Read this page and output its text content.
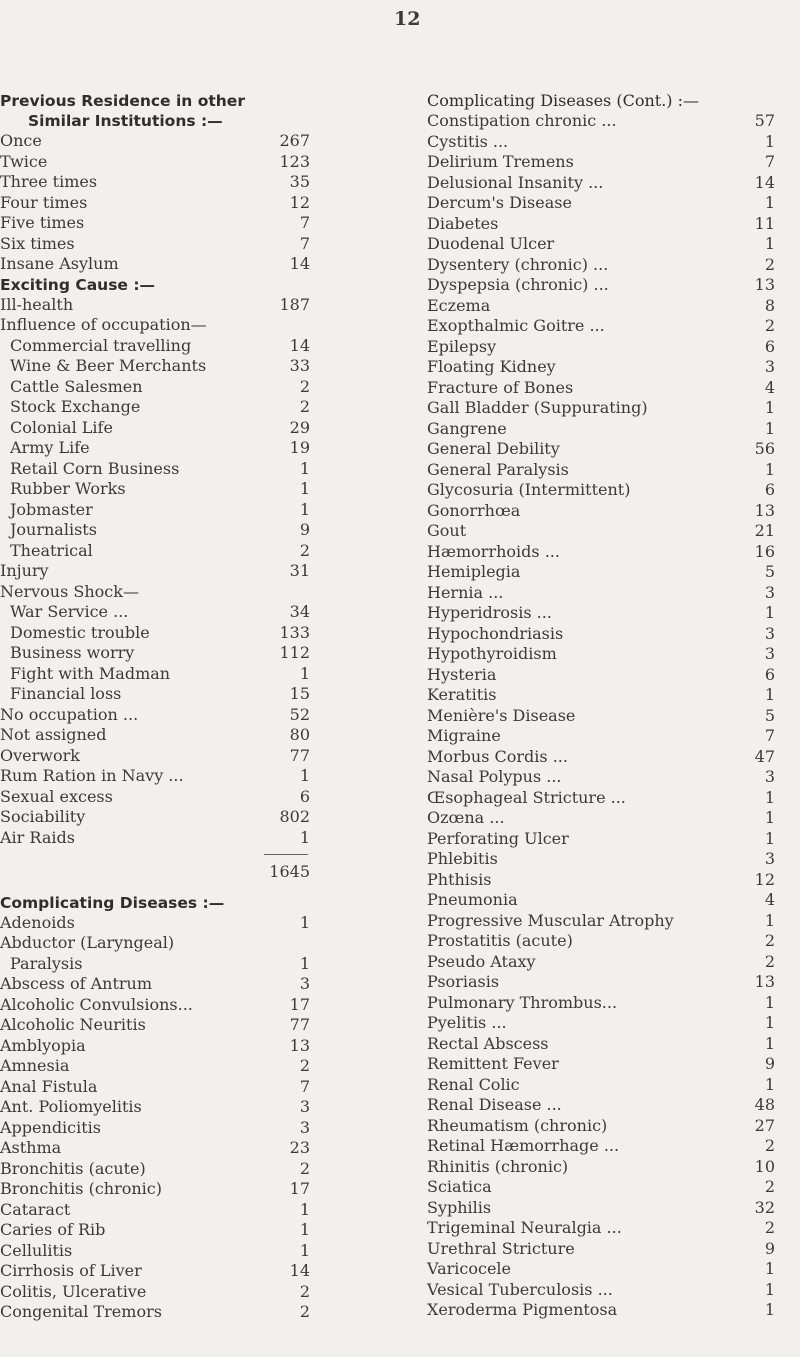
12
Previous Residence in other
Similar Institutions :—
Once	267
Twice	123
Three times	35
Four times	12
Five times	7
Six times	7
Insane Asylum	14
Exciting Cause :—
Ill-health	187
Influence of occupation—
Commercial travelling	14
Wine & Beer Merchants	33
Cattle Salesmen	2
Stock Exchange	2
Colonial Life	29
Army Life	19
Retail Corn Business	1
Rubber Works	1
Jobmaster	1
Journalists	9
Theatrical	2
Injury	31
Nervous Shock—
War Service ...	34
Domestic trouble	133
Business worry	112
Fight with Madman	1
Financial loss	15
No occupation ...	52
Not assigned	80
Overwork	77
Rum Ration in Navy ...	1
Sexual excess	6
Sociability	802
Air Raids	1
1645
Complicating Diseases :—
Adenoids	1
Abductor (Laryngeal)
Paralysis	1
Abscess of Antrum	3
Alcoholic Convulsions...	17
Alcoholic Neuritis	77
Amblyopia	13
Amnesia	2
Anal Fistula	7
Ant. Poliomyelitis	3
Appendicitis	3
Asthma	23
Bronchitis (acute)	2
Bronchitis (chronic)	17
Cataract	1
Caries of Rib	1
Cellulitis	1
Cirrhosis of Liver	14
Colitis, Ulcerative	2
Congenital Tremors	2
Complicating Diseases (Cont.) :—
Constipation chronic ...	57
Cystitis ...	1
Delirium Tremens	7
Delusional Insanity ...	14
Dercum's Disease	1
Diabetes	11
Duodenal Ulcer	1
Dysentery (chronic) ...	2
Dyspepsia (chronic) ...	13
Eczema	8
Exopthalmic Goitre ...	2
Epilepsy	6
Floating Kidney	3
Fracture of Bones	4
Gall Bladder (Suppurating)	1
Gangrene	1
General Debility	56
General Paralysis	1
Glycosuria (Intermittent)	6
Gonorrhœa	13
Gout	21
Hæmorrhoids ...	16
Hemiplegia	5
Hernia ...	3
Hyperidrosis ...	1
Hypochondriasis	3
Hypothyroidism	3
Hysteria	6
Keratitis	1
Menière's Disease	5
Migraine	7
Morbus Cordis ...	47
Nasal Polypus ...	3
Œsophageal Stricture ...	1
Ozœna ...	1
Perforating Ulcer	1
Phlebitis	3
Phthisis	12
Pneumonia	4
Progressive Muscular Atrophy	1
Prostatitis (acute)	2
Pseudo Ataxy	2
Psoriasis	13
Pulmonary Thrombus...	1
Pyelitis ...	1
Rectal Abscess	1
Remittent Fever	9
Renal Colic	1
Renal Disease ...	48
Rheumatism (chronic)	27
Retinal Hæmorrhage ...	2
Rhinitis (chronic)	10
Sciatica	2
Syphilis	32
Trigeminal Neuralgia ...	2
Urethral Stricture	9
Varicocele	1
Vesical Tuberculosis ...	1
Xeroderma Pigmentosa	1
